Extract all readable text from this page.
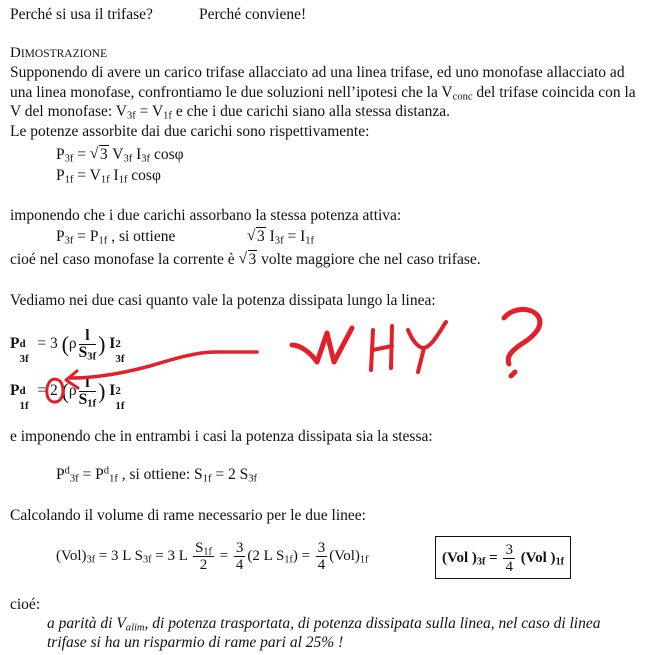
Perché si usa il trifase?	Perché conviene!
DIMOSTRAZIONE
Supponendo di avere un carico trifase allacciato ad una linea trifase, ed uno monofase allacciato ad
una linea monofase, confrontiamo le due soluzioni nell’ipotesi che la $V_{conc}$ del trifase coincida con la
V del monofase: $V_{3f} = V_{1f}$ e che i due carichi siano alla stessa distanza.
Le potenze assorbite dai due carichi sono rispettivamente:
$P_{3f}$ = √ 3 $V_{3f}$ $I_{3f}$ cosφ
$P_{1f} = V_{1f}$ $I_{1f}$ cosφ
imponendo che i due carichi assorbano la stessa potenza attiva:
$P_{3f} = P_{1f}$ , si ottiene	√ 3 $I_{3f} = I_{1f}$
cioé nel caso monofase la corrente è √ 3 volte maggiore che nel caso trifase.
Vediamo nei due casi quanto vale la potenza dissipata lungo la linea:
P d
3f
= 3 ($\rho \frac{l}{S_{3f}}$ ) I 2
3f
P d
1f
= 2 ($\rho \frac{l}{S_{1f}}$ ) I 2
1f
e imponendo che in entrambi i casi la potenza dissipata sia la stessa:
$P^d_{3f} = P^d_{1f}$ , si ottiene: $S_{1f} = 2$ $S_{3f}$
Calcolando il volume di rame necessario per le due linee:
$(Vol)_{3f} = 3$ L $S_{3f} = 3$ L $\frac{S_{1f}}{2} = \frac{3}{4} (2$ L $S_{1f}) = \frac{3}{4} (Vol)_{1f}$	(Vol )$_{3f} = \frac{3}{4} (Vol$ )$_{1f}$
cioé:
a parità di $V_{alim}$, di potenza trasportata, di potenza dissipata sulla linea, nel caso di linea
trifase si ha un risparmio di rame pari al 25% !
